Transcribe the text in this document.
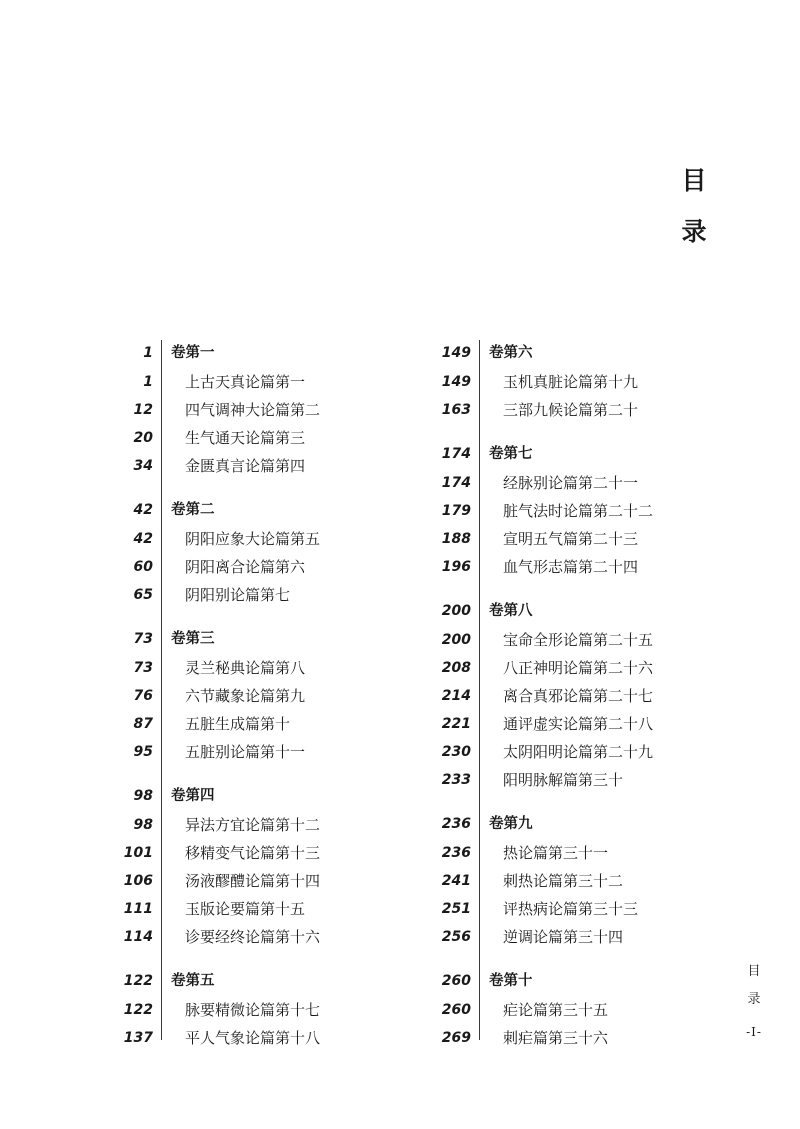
目
录
1 卷第一
1 上古天真论篇第一
12 四气调神大论篇第二
20 生气通天论篇第三
34 金匮真言论篇第四
42 卷第二
42 阴阳应象大论篇第五
60 阴阳离合论篇第六
65 阴阳别论篇第七
73 卷第三
73 灵兰秘典论篇第八
76 六节藏象论篇第九
87 五脏生成篇第十
95 五脏别论篇第十一
98 卷第四
98 异法方宜论篇第十二
101 移精变气论篇第十三
106 汤液醪醴论篇第十四
111 玉版论要篇第十五
114 诊要经终论篇第十六
122 卷第五
122 脉要精微论篇第十七
137 平人气象论篇第十八
149 卷第六
149 玉机真脏论篇第十九
163 三部九候论篇第二十
174 卷第七
174 经脉别论篇第二十一
179 脏气法时论篇第二十二
188 宣明五气篇第二十三
196 血气形志篇第二十四
200 卷第八
200 宝命全形论篇第二十五
208 八正神明论篇第二十六
214 离合真邪论篇第二十七
221 通评虚实论篇第二十八
230 太阴阳明论篇第二十九
233 阳明脉解篇第三十
236 卷第九
236 热论篇第三十一
241 刺热论篇第三十二
251 评热病论篇第三十三
256 逆调论篇第三十四
260 卷第十
260 疟论篇第三十五
269 刺疟篇第三十六
目
录
-I-
